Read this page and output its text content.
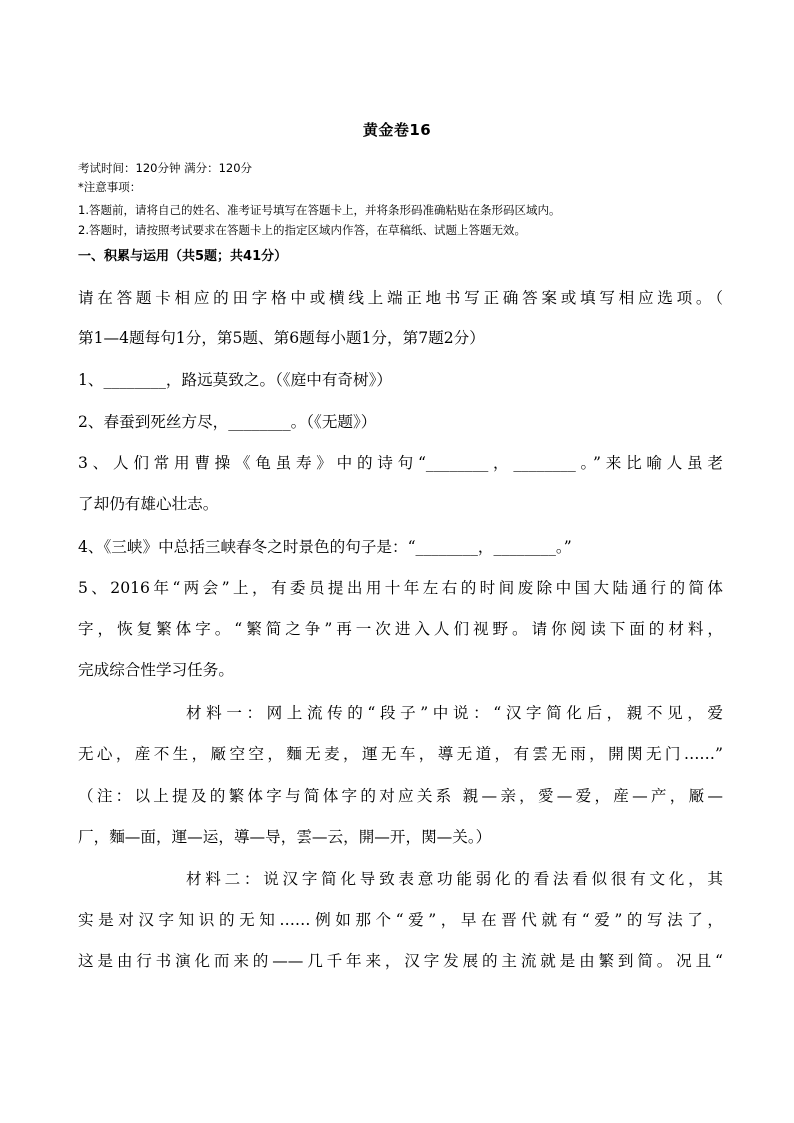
黄金卷16
考试时间：120分钟 满分：120分
*注意事项：
1.答题前，请将自己的姓名、准考证号填写在答题卡上，并将条形码准确粘贴在条形码区域内。
2.答题时，请按照考试要求在答题卡上的指定区域内作答，在草稿纸、试题上答题无效。
一、积累与运用（共5题；共41分）
请在答题卡相应的田字格中或横线上端正地书写正确答案或填写相应选项。（
第1—4题每句1分，第5题、第6题每小题1分，第7题2分）
1、________，路远莫致之。（《庭中有奇树》）
2、春蚕到死丝方尽，________。（《无题》）
3、人们常用曹操《龟虽寿》中的诗句“________，________。”来比喻人虽老
了却仍有雄心壮志。
4、《三峡》中总括三峡春冬之时景色的句子是：“________，________。”
5、2016年“两会”上，有委员提出用十年左右的时间废除中国大陆通行的简体
字，恢复繁体字。“繁简之争”再一次进入人们视野。请你阅读下面的材料，
完成综合性学习任务。
材料一：网上流传的“段子”中说：“汉字简化后，親不见，爱
无心，産不生，厰空空，麵无麦，運无车，導无道，有雲无雨，開関无门……”
（注：以上提及的繁体字与简体字的对应关系 親—亲，愛—爱，産—产，厰—
厂，麵—面，運—运，導—导，雲—云，開—开，関—关。）
材料二：说汉字简化导致表意功能弱化的看法看似很有文化，其
实是对汉字知识的无知……例如那个“爱”，早在晋代就有“爱”的写法了，
这是由行书演化而来的——几千年来，汉字发展的主流就是由繁到简。况且“
